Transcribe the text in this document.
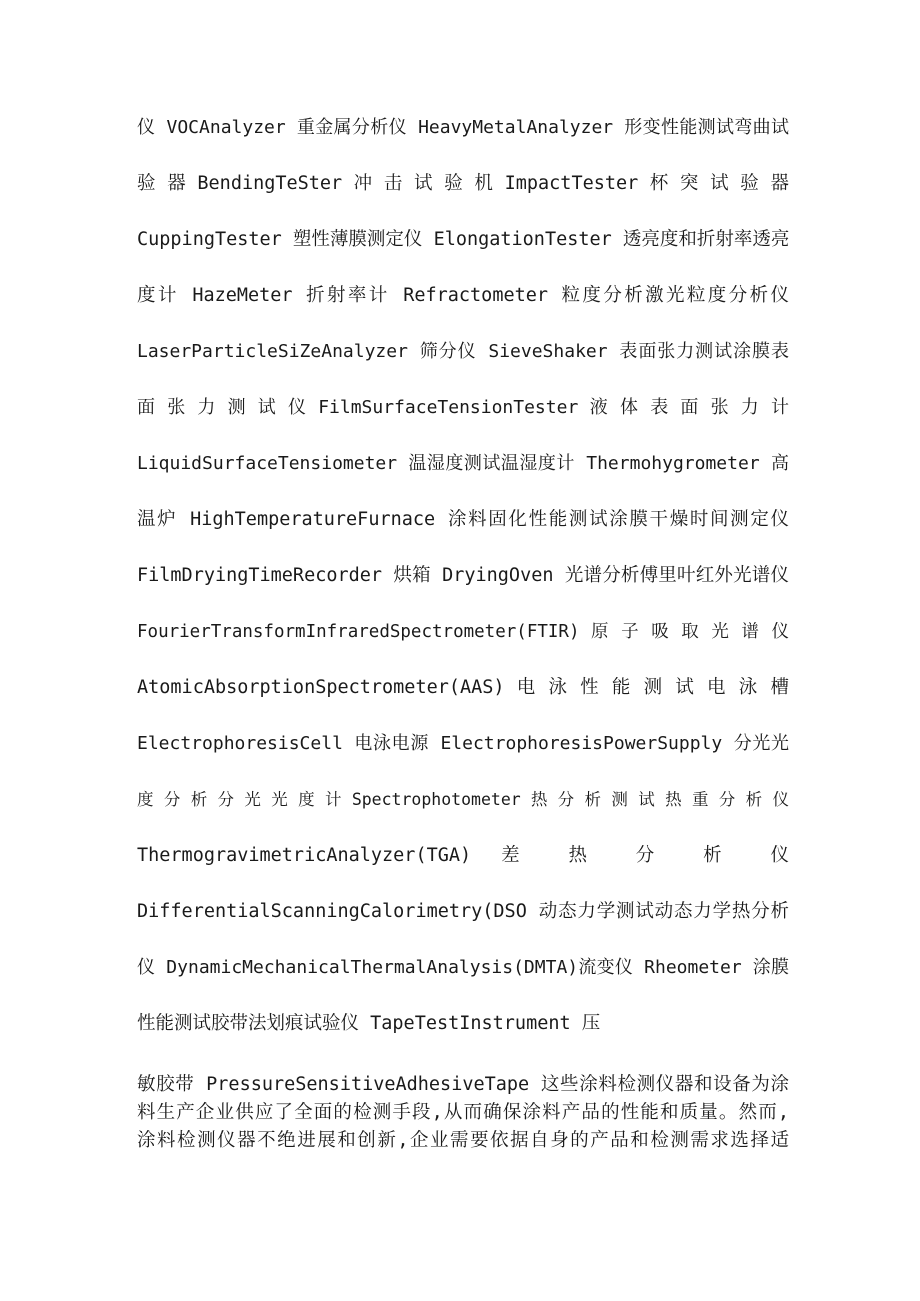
仪 VOCAnalyzer 重金属分析仪 HeavyMetalAnalyzer 形变性能测试弯曲试
验 器 BendingTeSter 冲 击 试 验 机 ImpactTester 杯 突 试 验 器
CuppingTester 塑性薄膜测定仪 ElongationTester 透亮度和折射率透亮
度计 HazeMeter 折射率计 Refractometer 粒度分析激光粒度分析仪
LaserParticleSiZeAnalyzer 筛分仪 SieveShaker 表面张力测试涂膜表
面 张 力 测 试 仪 FilmSurfaceTensionTester 液 体 表 面 张 力 计
LiquidSurfaceTensiometer 温湿度测试温湿度计 Thermohygrometer 高
温炉 HighTemperatureFurnace 涂料固化性能测试涂膜干燥时间测定仪
FilmDryingTimeRecorder 烘箱 DryingOven 光谱分析傅里叶红外光谱仪
FourierTransformInfraredSpectrometer(FTIR) 原 子 吸 取 光 谱 仪
AtomicAbsorptionSpectrometer(AAS) 电 泳 性 能 测 试 电 泳 槽
ElectrophoresisCell 电泳电源 ElectrophoresisPowerSupply 分光光
度 分 析 分 光 光 度 计 Spectrophotometer 热 分 析 测 试 热 重 分 析 仪
ThermogravimetricAnalyzer(TGA) 差 热 分 析 仪
DifferentialScanningCalorimetry(DSO 动态力学测试动态力学热分析
仪 DynamicMechanicalThermalAnalysis(DMTA)流变仪 Rheometer 涂膜
性能测试胶带法划痕试验仪 TapeTestInstrument 压
敏胶带 PressureSensitiveAdhesiveTape 这些涂料检测仪器和设备为涂
料生产企业供应了全面的检测手段,从而确保涂料产品的性能和质量。然而,
涂料检测仪器不绝进展和创新,企业需要依据自身的产品和检测需求选择适
